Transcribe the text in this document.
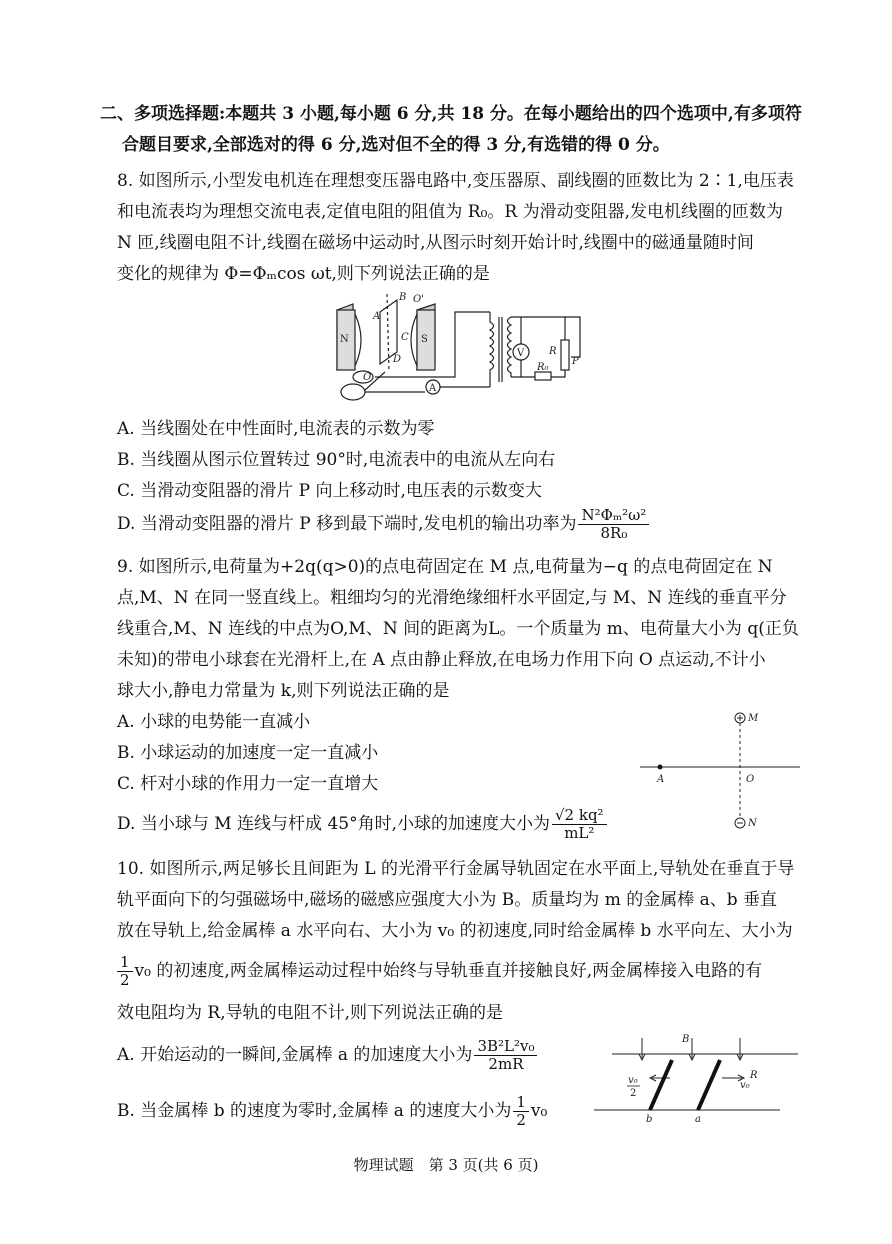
二、多项选择题:本题共 3 小题,每小题 6 分,共 18 分。在每小题给出的四个选项中,有多项符
合题目要求,全部选对的得 6 分,选对但不全的得 3 分,有选错的得 0 分。
8. 如图所示,小型发电机连在理想变压器电路中,变压器原、副线圈的匝数比为 2∶1,电压表
和电流表均为理想交流电表,定值电阻的阻值为 R₀。R 为滑动变阻器,发电机线圈的匝数为
N 匝,线圈电阻不计,线圈在磁场中运动时,从图示时刻开始计时,线圈中的磁通量随时间
变化的规律为 Φ=Φₘcos ωt,则下列说法正确的是
N	S
A
B O'
C
D
O
V
A
R
P
R₀
A. 当线圈处在中性面时,电流表的示数为零
B. 当线圈从图示位置转过 90°时,电流表中的电流从左向右
C. 当滑动变阻器的滑片 P 向上移动时,电压表的示数变大
D. 当滑动变阻器的滑片 P 移到最下端时,发电机的输出功率为 $\frac{\text{N²Φₘ²ω²}}{\text{8R₀}}$
9. 如图所示,电荷量为+2q(q>0)的点电荷固定在 M 点,电荷量为−q 的点电荷固定在 N
点,M、N 在同一竖直线上。粗细均匀的光滑绝缘细杆水平固定,与 M、N 连线的垂直平分
线重合,M、N 连线的中点为O,M、N 间的距离为L。一个质量为 m、电荷量大小为 q(正负
未知)的带电小球套在光滑杆上,在 A 点由静止释放,在电场力作用下向 O 点运动,不计小
球大小,静电力常量为 k,则下列说法正确的是
A. 小球的电势能一直减小
B. 小球运动的加速度一定一直减小
C. 杆对小球的作用力一定一直增大
D. 当小球与 M 连线与杆成 45°角时,小球的加速度大小为 $\frac{\text{√2 kq²}}{\text{mL²}}$
M
A	O
N
10. 如图所示,两足够长且间距为 L 的光滑平行金属导轨固定在水平面上,导轨处在垂直于导
轨平面向下的匀强磁场中,磁场的磁感应强度大小为 B。质量均为 m 的金属棒 a、b 垂直
放在导轨上,给金属棒 a 水平向右、大小为 v₀ 的初速度,同时给金属棒 b 水平向左、大小为
$\frac{1}{2} v_0$ 的初速度,两金属棒运动过程中始终与导轨垂直并接触良好,两金属棒接入电路的有
效电阻均为 R,导轨的电阻不计,则下列说法正确的是
A. 开始运动的一瞬间,金属棒 a 的加速度大小为 $\frac{\text{3B²L²v₀}}{2mR}$
B. 当金属棒 b 的速度为零时,金属棒 a 的速度大小为 $\frac{1}{2} v_0$
B
v₀
2
v₀
R
b	a
物理试题　第 3 页(共 6 页)
